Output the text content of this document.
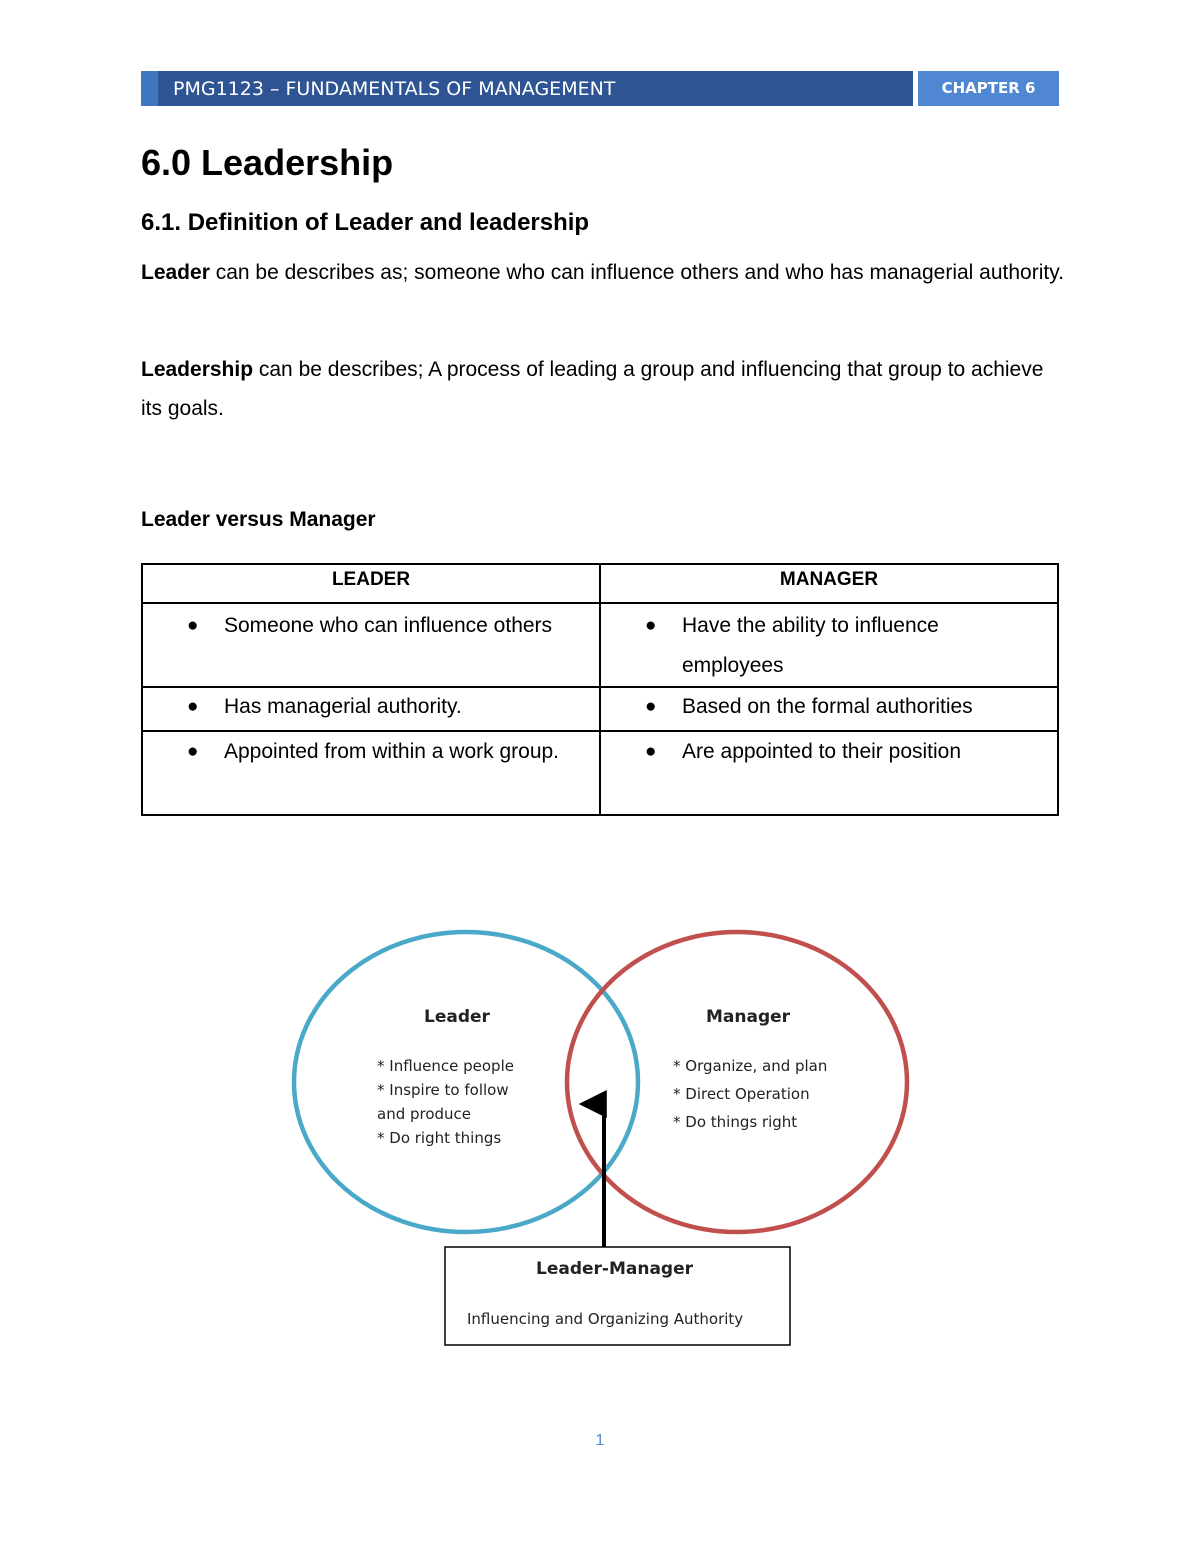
PMG1123 – FUNDAMENTALS OF MANAGEMENT	CHAPTER 6
6.0 Leadership
6.1. Definition of Leader and leadership

Leader can be describes as; someone who can influence others and who has managerial authority.

Leadership can be describes; A process of leading a group and influencing that group to achieve its goals.

Leader versus Manager
LEADER	MANAGER

● Someone who can influence others	● Have the ability to influence employees

● Has managerial authority.	● Based on the formal authorities

● Appointed from within a work group.	● Are appointed to their position
Leader
* Influence people
* Inspire to follow
and produce
* Do right things
Manager
* Organize, and plan
* Direct Operation
* Do things right
Leader-Manager
Influencing and Organizing Authority
1
